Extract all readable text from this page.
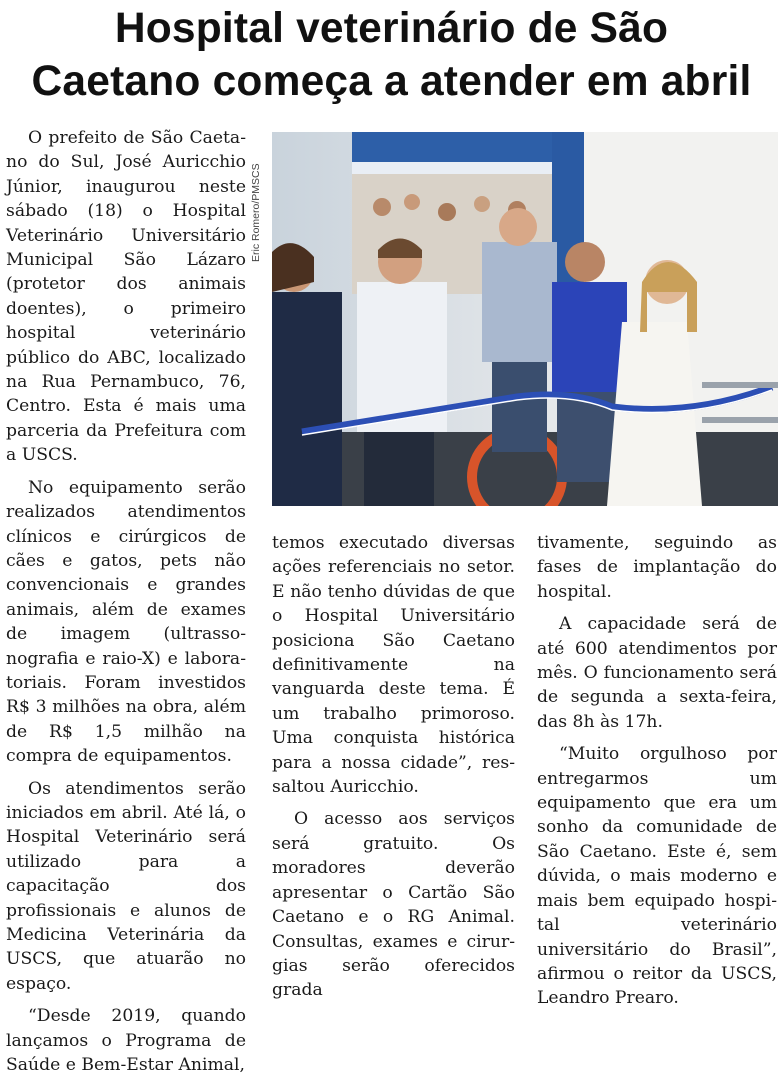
Hospital veterinário de São
Caetano começa a atender em abril

O prefeito de São Caetano do Sul, José Auricchio Júnior, inaugurou neste sábado (18) o Hospital Veterinário Universitário Municipal São Lázaro (protetor dos animais doentes), o primeiro hospital veterinário público do ABC, localizado na Rua Pernambuco, 76, Centro. Esta é mais uma parceria da Prefeitura com a USCS.

No equipamento serão realizados atendimentos clínicos e cirúrgicos de cães e gatos, pets não convencionais e grandes animais, além de exames de imagem (ultrassonografia e raio-X) e laboratoriais. Foram investidos R$ 3 milhões na obra, além de R$ 1,5 milhão na compra de equipamentos.

Os atendimentos serão iniciados em abril. Até lá, o Hospital Veterinário será utilizado para a capacitação dos profissionais e alunos de Medicina Veterinária da USCS, que atuarão no espaço.

“Desde 2019, quando lançamos o Programa de Saúde e Bem-Estar Animal,

Eric Romero/PMSCS

temos executado diversas ações referenciais no setor. E não tenho dúvidas de que o Hospital Universitário posiciona São Caetano definitivamente na vanguarda deste tema. É um trabalho primoroso. Uma conquista histórica para a nossa cidade”, ressaltou Auricchio.

O acesso aos serviços será gratuito. Os moradores deverão apresentar o Cartão São Caetano e o RG Animal. Consultas, exames e cirurgias serão oferecidos grada

tivamente, seguindo as fases de implantação do hospital.

A capacidade será de até 600 atendimentos por mês. O funcionamento será de segunda a sexta-feira, das 8h às 17h.

“Muito orgulhoso por entregarmos um equipamento que era um sonho da comunidade de São Caetano. Este é, sem dúvida, o mais moderno e mais bem equipado hospital veterinário universitário do Brasil”, afirmou o reitor da USCS, Leandro Prearo.
